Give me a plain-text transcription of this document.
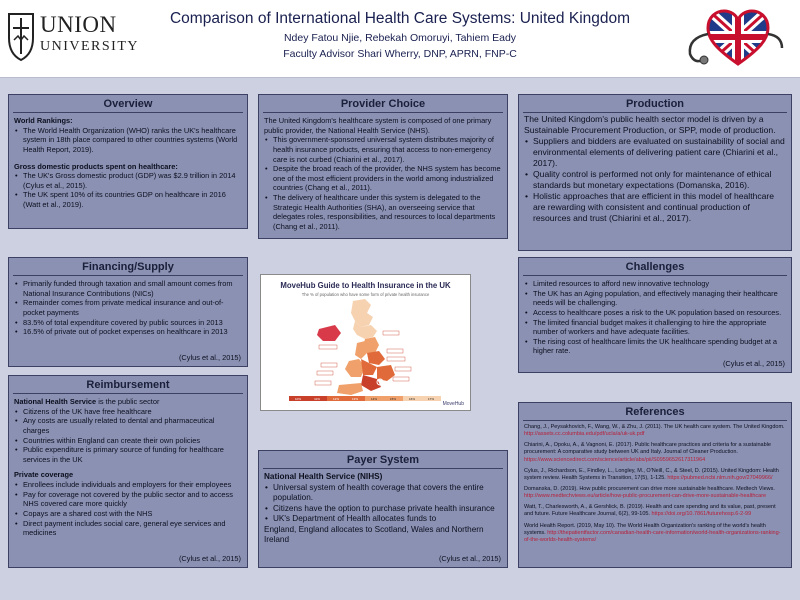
UNION
UNIVERSITY
Comparison of International Health Care Systems: United Kingdom
Ndey Fatou Njie, Rebekah Omoruyi, Tahiem Eady
Faculty Advisor Shari Wherry, DNP, APRN, FNP-C
Overview
World Rankings:
• The World Health Organization (WHO) ranks the UK's healthcare system in 18th place compared to other countries systems (World Health Report, 2019).
Gross domestic products spent on healthcare:
• The UK's Gross domestic product (GDP) was $2.9 trillion in 2014 (Cylus et al., 2015).
• The UK spent 10% of its countries GDP on healthcare in 2016 (Watt et al., 2019).
Provider Choice
The United Kingdom's healthcare system is composed of one primary public provider, the National Health Service (NHS).
• This government-sponsored universal system distributes majority of health insurance products, ensuring that access to non-emergency care is not curbed (Chiarini et al., 2017).
• Despite the broad reach of the provider, the NHS system has become one of the most efficient providers in the world among industrialized countries (Chang et al., 2011).
• The delivery of healthcare under this system is delegated to the Strategic Health Authorities (SHA), an overseeing service that delegates roles, responsibilities, and resources to local departments (Chang et al., 2011).
Production
The United Kingdom's public health sector model is driven by a Sustainable Procurement Production, or SPP, mode of production.
• Suppliers and bidders are evaluated on sustainability of social and environmental elements of delivering patient care (Chiarini et al., 2017).
• Quality control is performed not only for maintenance of ethical standards but monetary expectations (Domanska, 2016).
• Holistic approaches that are efficient in this model of healthcare are rewarding with consistent and continual production of resources and trust (Chiarini et al., 2017).
Financing/Supply
• Primarily funded through taxation and small amount comes from National Insurance Contributions (NICs)
• Remainder comes from private medical insurance and out-of-pocket payments
• 83.5% of total expenditure covered by public sources in 2013
• 16.5% of private out of pocket expenses on healthcare in 2013
(Cylus et al., 2015)
MoveHub Guide to Health Insurance in the UK
The % of population who have some form of private health insurance
10%	11%	12%	13%	14%	15%	16%	17%
MoveHub
Challenges
• Limited resources to afford new innovative technology
• The UK has an Aging population, and effectively managing their healthcare needs will be challenging.
• Access to healthcare poses a risk to the UK population based on resources.
• The limited financial budget makes it challenging to hire the appropriate number of workers and have adequate facilities.
• The rising cost of healthcare limits the UK healthcare spending budget at a higher rate.
(Cylus et al., 2015)
Reimbursement
National Health Service is the public sector
• Citizens of the UK have free healthcare
• Any costs are usually related to dental and pharmaceutical charges
• Countries within England can create their own policies
• Public expenditure is primary source of funding for healthcare services in the UK
Private coverage
• Enrollees include individuals and employers for their employees
• Pay for coverage not covered by the public sector and to access NHS covered care more quickly
• Copays are a shared cost with the NHS
• Direct payment includes social care, general eye services and medicines
(Cylus et al., 2015)
Payer System
National Health Service (NIHS)
• Universal system of health coverage that covers the entire population.
• Citizens have the option to purchase private health insurance
• UK's Department of Health allocates funds to
England, England allocates to Scotland, Wales and Northern Ireland
(Cylus et al., 2015)
References
Chang, J., Peysakhovich, F., Wang, W., & Zhu, J. (2011). The UK health care system. The United Kingdom. http://assets.cc.columbia.edu/pdf/ucla/a/uk-uk.pdf
Chiarini, A., Opoku, A., & Vagnoni, E. (2017). Public healthcare practices and criteria for a sustainable procurement: A comparative study between UK and Italy. Journal of Cleaner Production. https://www.sciencedirect.com/science/article/abs/pii/S0959652617311964
Cylus, J., Richardson, E., Findley, L., Longley, M., O'Neill, C., & Steel, D. (2015). United Kingdom: Health system review. Health Systems in Transition, 17(5), 1-125. https://pubmed.ncbi.nlm.nih.gov/27049966/
Domanska, D. (2019). How public procurement can drive more sustainable healthcare. Medtech Views. http://www.medtechviews.eu/article/how-public-procurement-can-drive-more-sustainable-healthcare
Watt, T., Charlesworth, A., & Gershlick, B. (2019). Health and care spending and its value, past, present and future. Future Healthcare Journal, 6(2), 99-105. https://doi.org/10.7861/futurehosp.6-2-99
World Health Report. (2019, May 10). The World Health Organization's ranking of the world's health systems. http://thepatientfactor.com/canadian-health-care-information/world-health-organizations-ranking-of-the-worlds-health-systems/
